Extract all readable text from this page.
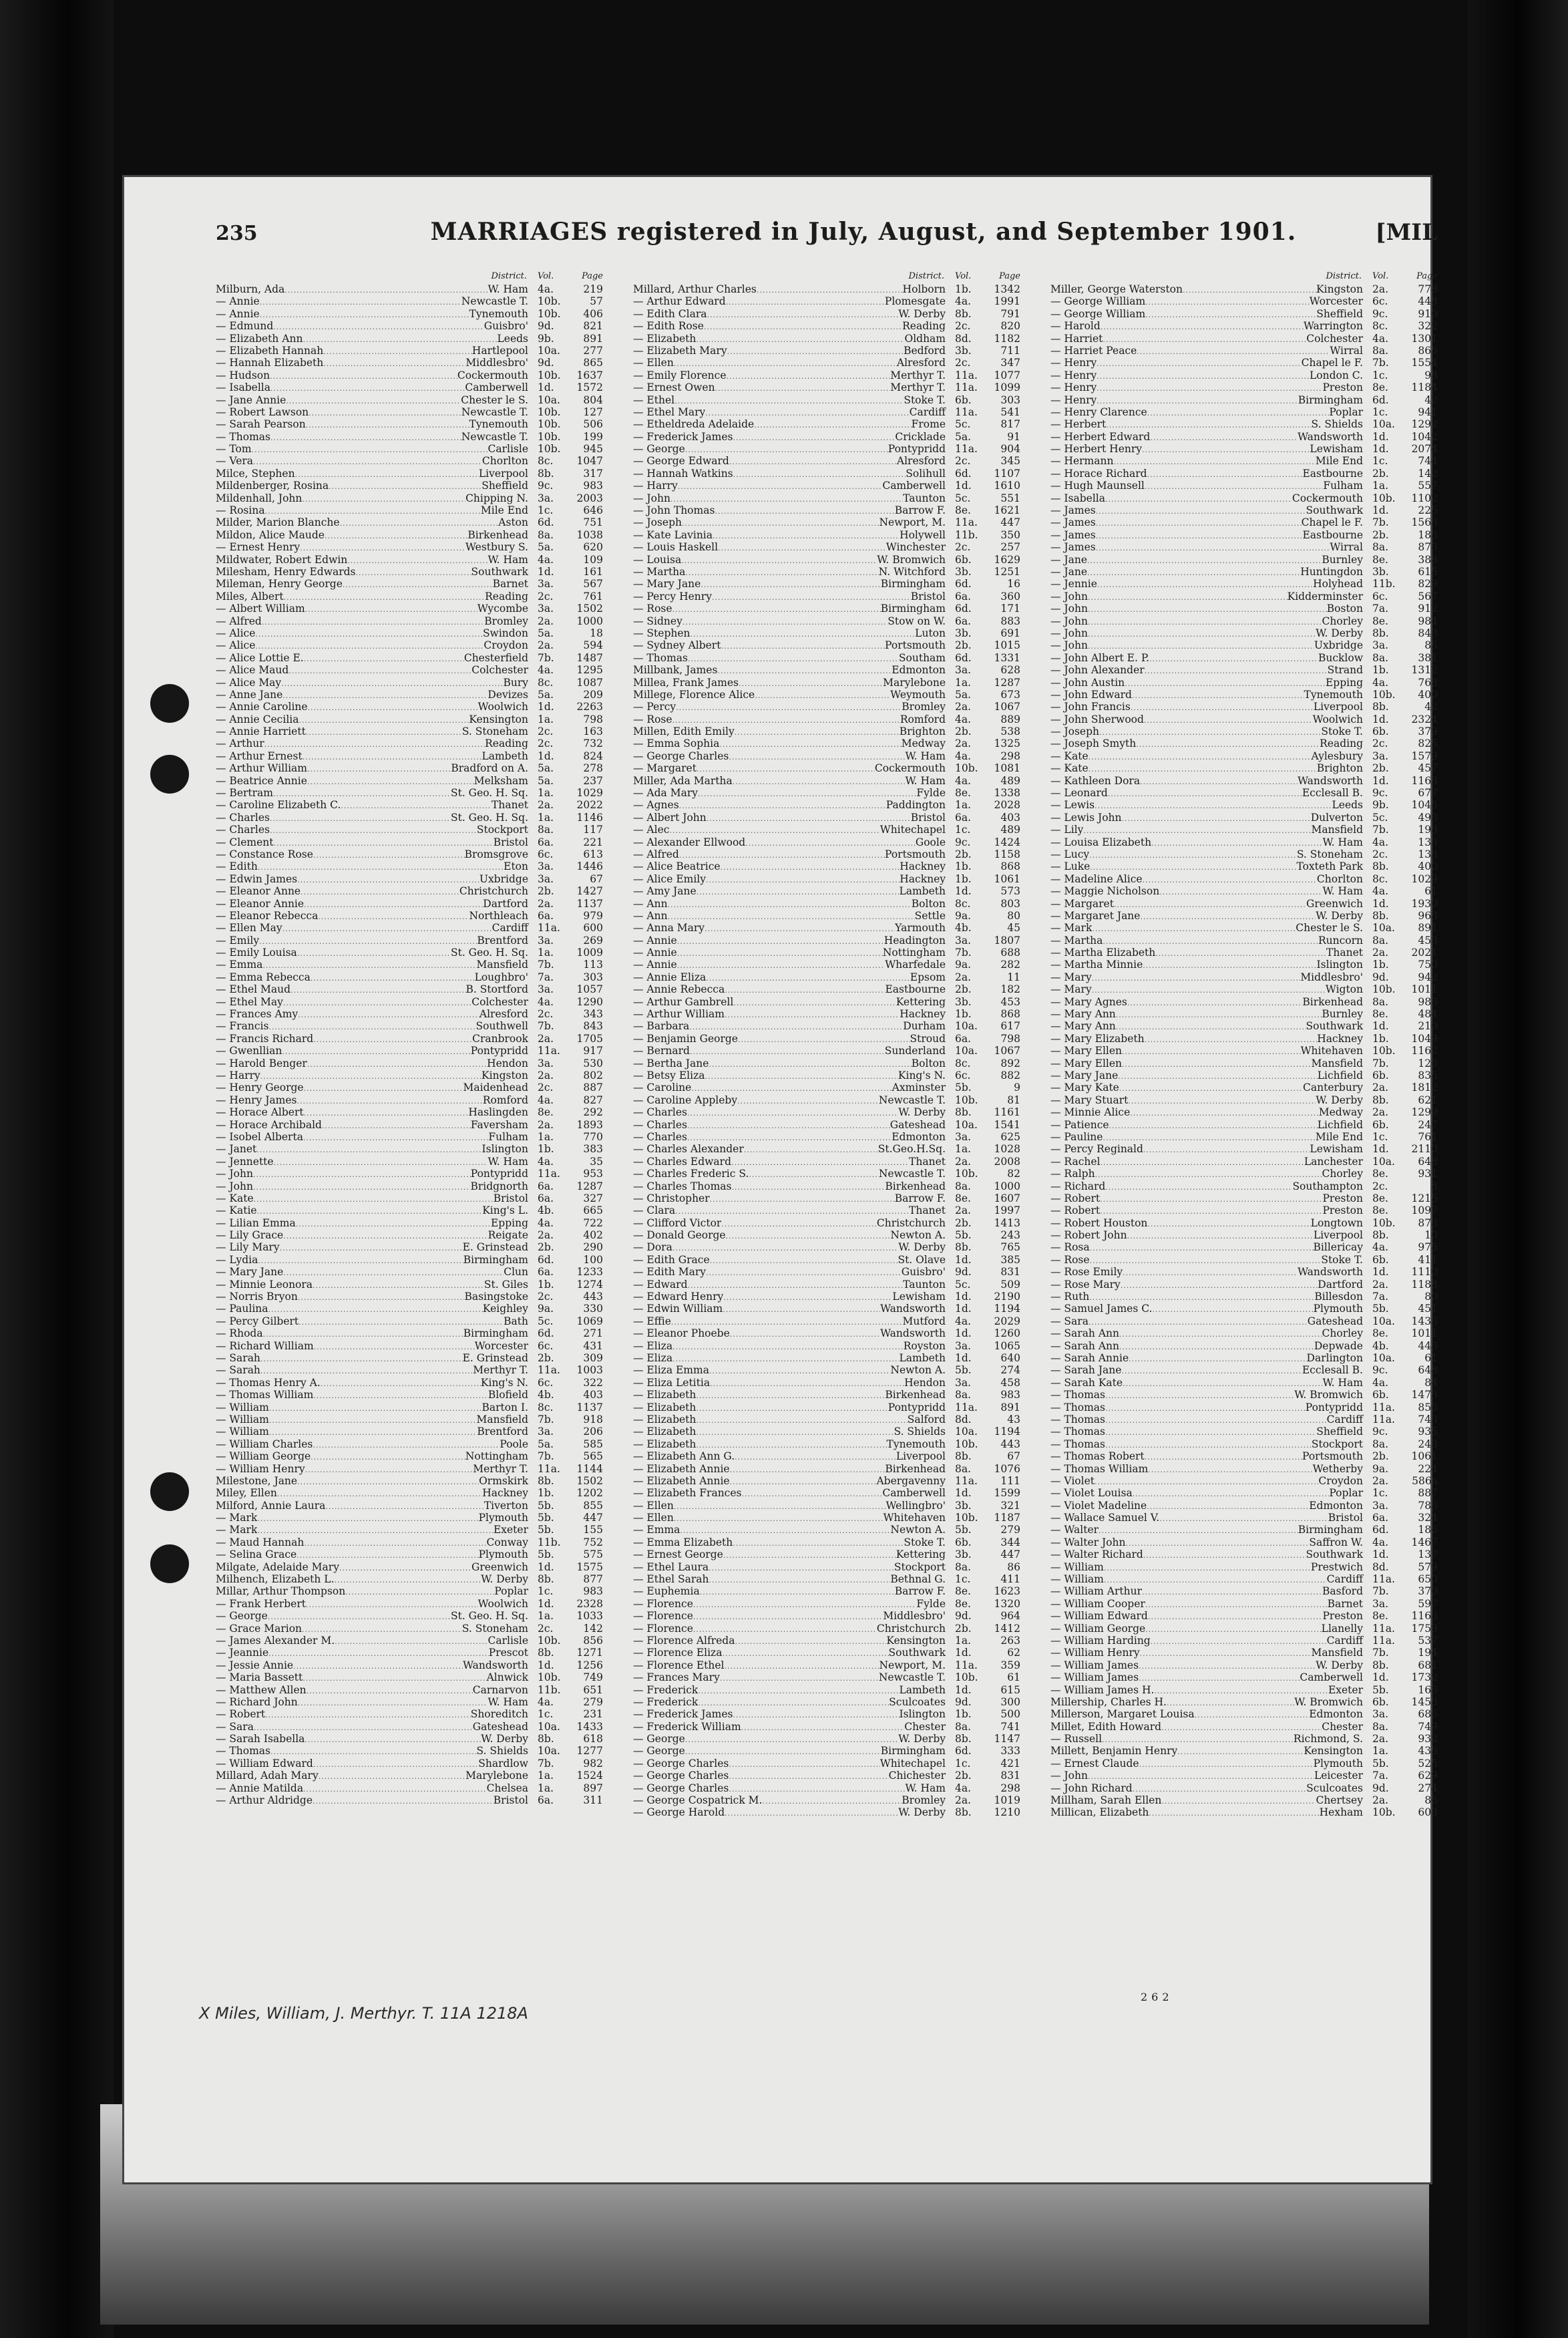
235	MARRIAGES registered in July, August, and September 1901.	[MIL
District.	Vol.	Page
Milburn, Ada .....	W. Ham 4a.	219
— Annie .....	Newcastle T. 10b.	57
— Annie .....	Tynemouth 10b.	406
— Edmund .....	Guisbro' 9d.	821
— Elizabeth Ann .....	Leeds 9b.	891
— Elizabeth Hannah .....	Hartlepool 10a.	277
— Hannah Elizabeth .....	Middlesbro' 9d.	865
— Hudson .....	Cockermouth 10b.	1637
— Isabella .....	Camberwell 1d.	1572
— Jane Annie .....	Chester le S. 10a.	804
— Robert Lawson .....	Newcastle T. 10b.	127
— Sarah Pearson .....	Tynemouth 10b.	506
— Thomas .....	Newcastle T. 10b.	199
— Tom .....	Carlisle 10b.	945
— Vera .....	Chorlton 8c.	1047
Milce, Stephen .....	Liverpool 8b.	317
Mildenberger, Rosina .....	Sheffield 9c.	983
Mildenhall, John .....	Chipping N. 3a.	2003
— Rosina .....	Mile End 1c.	646
Milder, Marion Blanche .....	Aston 6d.	751
Mildon, Alice Maude .....	Birkenhead 8a.	1038
— Ernest Henry .....	Westbury S. 5a.	620
Mildwater, Robert Edwin .....	W. Ham 4a.	109
Milesham, Henry Edwards .....	Southwark 1d.	161
Mileman, Henry George .....	Barnet 3a.	567
Miles, Albert .....	Reading 2c.	761
— Albert William .....	Wycombe 3a.	1502
— Alfred .....	Bromley 2a.	1000
— Alice .....	Swindon 5a.	18
— Alice .....	Croydon 2a.	594
— Alice Lottie E. .....	Chesterfield 7b.	1487
— Alice Maud .....	Colchester 4a.	1295
— Alice May .....	Bury 8c.	1087
— Anne Jane .....	Devizes 5a.	209
— Annie Caroline .....	Woolwich 1d.	2263
— Annie Cecilia .....	Kensington 1a.	798
— Annie Harriett .....	S. Stoneham 2c.	163
— Arthur .....	Reading 2c.	732
— Arthur Ernest .....	Lambeth 1d.	824
— Arthur William .....	Bradford on A. 5a.	278
— Beatrice Annie .....	Melksham 5a.	237
— Bertram .....	St. Geo. H. Sq. 1a.	1029
— Caroline Elizabeth C. .....	Thanet 2a.	2022
— Charles .....	St. Geo. H. Sq. 1a.	1146
— Charles .....	Stockport 8a.	117
— Clement .....	Bristol 6a.	221
— Constance Rose .....	Bromsgrove 6c.	613
— Edith .....	Eton 3a.	1446
— Edwin James .....	Uxbridge 3a.	67
— Eleanor Anne .....	Christchurch 2b.	1427
— Eleanor Annie .....	Dartford 2a.	1137
— Eleanor Rebecca .....	Northleach 6a.	979
— Ellen May .....	Cardiff 11a.	600
— Emily .....	Brentford 3a.	269
— Emily Louisa .....	St. Geo. H. Sq. 1a.	1009
— Emma .....	Mansfield 7b.	113
— Emma Rebecca .....	Loughbro' 7a.	303
— Ethel Maud .....	B. Stortford 3a.	1057
— Ethel May .....	Colchester 4a.	1290
— Frances Amy .....	Alresford 2c.	343
— Francis .....	Southwell 7b.	843
— Francis Richard .....	Cranbrook 2a.	1705
— Gwenllian .....	Pontypridd 11a.	917
— Harold Benger .....	Hendon 3a.	530
— Harry .....	Kingston 2a.	802
— Henry George .....	Maidenhead 2c.	887
— Henry James .....	Romford 4a.	827
— Horace Albert .....	Haslingden 8e.	292
— Horace Archibald .....	Faversham 2a.	1893
— Isobel Alberta .....	Fulham 1a.	770
— Janet .....	Islington 1b.	383
— Jennette .....	W. Ham 4a.	35
— John .....	Pontypridd 11a.	953
— John .....	Bridgnorth 6a.	1287
— Kate .....	Bristol 6a.	327
— Katie .....	King's L. 4b.	665
— Lilian Emma .....	Epping 4a.	722
— Lily Grace .....	Reigate 2a.	402
— Lily Mary .....	E. Grinstead 2b.	290
— Lydia .....	Birmingham 6d.	100
— Mary Jane .....	Clun 6a.	1233
— Minnie Leonora .....	St. Giles 1b.	1274
— Norris Bryon .....	Basingstoke 2c.	443
— Paulina .....	Keighley 9a.	330
— Percy Gilbert .....	Bath 5c.	1069
— Rhoda .....	Birmingham 6d.	271
— Richard William .....	Worcester 6c.	431
— Sarah .....	E. Grinstead 2b.	309
— Sarah .....	Merthyr T. 11a.	1003
— Thomas Henry A. .....	King's N. 6c.	322
— Thomas William .....	Blofield 4b.	403
— William .....	Barton I. 8c.	1137
— William .....	Mansfield 7b.	918
— William .....	Brentford 3a.	206
— William Charles .....	Poole 5a.	585
— William George .....	Nottingham 7b.	565
— William Henry .....	Merthyr T. 11a.	1144
Milestone, Jane .....	Ormskirk 8b.	1502
Miley, Ellen .....	Hackney 1b.	1202
Milford, Annie Laura .....	Tiverton 5b.	855
— Mark .....	Plymouth 5b.	447
— Mark .....	Exeter 5b.	155
— Maud Hannah .....	Conway 11b.	752
— Selina Grace .....	Plymouth 5b.	575
Milgate, Adelaide Mary .....	Greenwich 1d.	1575
Milhench, Elizabeth L. .....	W. Derby 8b.	877
Millar, Arthur Thompson .....	Poplar 1c.	983
— Frank Herbert .....	Woolwich 1d.	2328
— George .....	St. Geo. H. Sq. 1a.	1033
— Grace Marion .....	S. Stoneham 2c.	142
— James Alexander M. .....	Carlisle 10b.	856
— Jeannie .....	Prescot 8b.	1271
— Jessie Annie .....	Wandsworth 1d.	1256
— Maria Bassett .....	Alnwick 10b.	749
— Matthew Allen .....	Carnarvon 11b.	651
— Richard John .....	W. Ham 4a.	279
— Robert .....	Shoreditch 1c.	231
— Sara .....	Gateshead 10a.	1433
— Sarah Isabella .....	W. Derby 8b.	618
— Thomas .....	S. Shields 10a.	1277
— William Edward .....	Shardlow 7b.	982
Millard, Adah Mary .....	Marylebone 1a.	1524
— Annie Matilda .....	Chelsea 1a.	897
— Arthur Aldridge .....	Bristol 6a.	311
District.	Vol.	Page
Millard, Arthur Charles .....	Holborn 1b.	1342
— Arthur Edward .....	Plomesgate 4a.	1991
— Edith Clara .....	W. Derby 8b.	791
— Edith Rose .....	Reading 2c.	820
— Elizabeth .....	Oldham 8d.	1182
— Elizabeth Mary .....	Bedford 3b.	711
— Ellen .....	Alresford 2c.	347
— Emily Florence .....	Merthyr T. 11a.	1077
— Ernest Owen .....	Merthyr T. 11a.	1099
— Ethel .....	Stoke T. 6b.	303
— Ethel Mary .....	Cardiff 11a.	541
— Etheldreda Adelaide .....	Frome 5c.	817
— Frederick James .....	Cricklade 5a.	91
— George .....	Pontypridd 11a.	904
— George Edward .....	Alresford 2c.	345
— Hannah Watkins .....	Solihull 6d.	1107
— Harry .....	Camberwell 1d.	1610
— John .....	Taunton 5c.	551
— John Thomas .....	Barrow F. 8e.	1621
— Joseph .....	Newport, M. 11a.	447
— Kate Lavinia .....	Holywell 11b.	350
— Louis Haskell .....	Winchester 2c.	257
— Louisa .....	W. Bromwich 6b.	1629
— Martha .....	N. Witchford 3b.	1251
— Mary Jane .....	Birmingham 6d.	16
— Percy Henry .....	Bristol 6a.	360
— Rose .....	Birmingham 6d.	171
— Sidney .....	Stow on W. 6a.	883
— Stephen .....	Luton 3b.	691
— Sydney Albert .....	Portsmouth 2b.	1015
— Thomas .....	Southam 6d.	1331
Millbank, James .....	Edmonton 3a.	628
Millea, Frank James .....	Marylebone 1a.	1287
Millege, Florence Alice .....	Weymouth 5a.	673
— Percy .....	Bromley 2a.	1067
— Rose .....	Romford 4a.	889
Millen, Edith Emily .....	Brighton 2b.	538
— Emma Sophia .....	Medway 2a.	1325
— George Charles .....	W. Ham 4a.	298
— Margaret .....	Cockermouth 10b.	1081
Miller, Ada Martha .....	W. Ham 4a.	489
— Ada Mary .....	Fylde 8e.	1338
— Agnes .....	Paddington 1a.	2028
— Albert John .....	Bristol 6a.	403
— Alec .....	Whitechapel 1c.	489
— Alexander Ellwood .....	Goole 9c.	1424
— Alfred .....	Portsmouth 2b.	1158
— Alice Beatrice .....	Hackney 1b.	868
— Alice Emily .....	Hackney 1b.	1061
— Amy Jane .....	Lambeth 1d.	573
— Ann .....	Bolton 8c.	803
— Ann .....	Settle 9a.	80
— Anna Mary .....	Yarmouth 4b.	45
— Annie .....	Headington 3a.	1807
— Annie .....	Nottingham 7b.	688
— Annie .....	Wharfedale 9a.	282
— Annie Eliza .....	Epsom 2a.	11
— Annie Rebecca .....	Eastbourne 2b.	182
— Arthur Gambrell .....	Kettering 3b.	453
— Arthur William .....	Hackney 1b.	868
— Barbara .....	Durham 10a.	617
— Benjamin George .....	Stroud 6a.	798
— Bernard .....	Sunderland 10a.	1067
— Bertha Jane .....	Bolton 8c.	892
— Betsy Eliza .....	King's N. 6c.	882
— Caroline .....	Axminster 5b.	9
— Caroline Appleby .....	Newcastle T. 10b.	81
— Charles .....	W. Derby 8b.	1161
— Charles .....	Gateshead 10a.	1541
— Charles .....	Edmonton 3a.	625
— Charles Alexander .....	St.Geo.H.Sq. 1a.	1028
— Charles Edward .....	Thanet 2a.	2008
— Charles Frederic S. .....	Newcastle T. 10b.	82
— Charles Thomas .....	Birkenhead 8a.	1000
— Christopher .....	Barrow F. 8e.	1607
— Clara .....	Thanet 2a.	1997
— Clifford Victor .....	Christchurch 2b.	1413
— Donald George .....	Newton A. 5b.	243
— Dora .....	W. Derby 8b.	765
— Edith Grace .....	St. Olave 1d.	385
— Edith Mary .....	Guisbro' 9d.	831
— Edward .....	Taunton 5c.	509
— Edward Henry .....	Lewisham 1d.	2190
— Edwin William .....	Wandsworth 1d.	1194
— Effie .....	Mutford 4a.	2029
— Eleanor Phoebe .....	Wandsworth 1d.	1260
— Eliza .....	Royston 3a.	1065
— Eliza .....	Lambeth 1d.	640
— Eliza Emma .....	Newton A. 5b.	274
— Eliza Letitia .....	Hendon 3a.	458
— Elizabeth .....	Birkenhead 8a.	983
— Elizabeth .....	Pontypridd 11a.	891
— Elizabeth .....	Salford 8d.	43
— Elizabeth .....	S. Shields 10a.	1194
— Elizabeth .....	Tynemouth 10b.	443
— Elizabeth Ann G. .....	Liverpool 8b.	67
— Elizabeth Annie .....	Birkenhead 8a.	1076
— Elizabeth Annie .....	Abergavenny 11a.	111
— Elizabeth Frances .....	Camberwell 1d.	1599
— Ellen .....	Wellingbro' 3b.	321
— Ellen .....	Whitehaven 10b.	1187
— Emma .....	Newton A. 5b.	279
— Emma Elizabeth .....	Stoke T. 6b.	344
— Ernest George .....	Kettering 3b.	447
— Ethel Laura .....	Stockport 8a.	86
— Ethel Sarah .....	Bethnal G. 1c.	411
— Euphemia .....	Barrow F. 8e.	1623
— Florence .....	Fylde 8e.	1320
— Florence .....	Middlesbro' 9d.	964
— Florence .....	Christchurch 2b.	1412
— Florence Alfreda .....	Kensington 1a.	263
— Florence Eliza .....	Southwark 1d.	62
— Florence Ethel .....	Newport, M. 11a.	359
— Frances Mary .....	Newcastle T. 10b.	61
— Frederick .....	Lambeth 1d.	615
— Frederick .....	Sculcoates 9d.	300
— Frederick James .....	Islington 1b.	500
— Frederick William .....	Chester 8a.	741
— George .....	W. Derby 8b.	1147
— George .....	Birmingham 6d.	333
— George Charles .....	Whitechapel 1c.	421
— George Charles .....	Chichester 2b.	831
— George Charles .....	W. Ham 4a.	298
— George Cospatrick M. .....	Bromley 2a.	1019
— George Harold .....	W. Derby 8b.	1210
District.	Vol.	Page
Miller, George Waterston .....	Kingston 2a.	778
— George William .....	Worcester 6c.	448
— George William .....	Sheffield 9c.	910
— Harold .....	Warrington 8c.	322
— Harriet .....	Colchester 4a.	1301
— Harriet Peace .....	Wirral 8a.	865
— Henry .....	Chapel le F. 7b.	1554
— Henry .....	London C. 1c.	98
— Henry .....	Preston 8e.	1184
— Henry .....	Birmingham 6d.	42
— Henry Clarence .....	Poplar 1c.	941
— Herbert .....	S. Shields 10a.	1292
— Herbert Edward .....	Wandsworth 1d.	1042
— Herbert Henry .....	Lewisham 1d.	2074
— Hermann .....	Mile End 1c.	744
— Horace Richard .....	Eastbourne 2b.	142
— Hugh Maunsell .....	Fulham 1a.	557
— Isabella .....	Cockermouth 10b.	1102
— James .....	Southwark 1d.	225
— James .....	Chapel le F. 7b.	1563
— James .....	Eastbourne 2b.	183
— James .....	Wirral 8a.	873
— Jane .....	Burnley 8e.	388
— Jane .....	Huntingdon 3b.	615
— Jennie .....	Holyhead 11b.	829
— John .....	Kidderminster 6c.	567
— John .....	Boston 7a.	912
— John .....	Chorley 8e.	984
— John .....	W. Derby 8b.	843
— John .....	Uxbridge 3a.	85
— John Albert E. P. .....	Bucklow 8a.	381
— John Alexander .....	Strand 1b.	1312
— John Austin .....	Epping 4a.	768
— John Edward .....	Tynemouth 10b.	400
— John Francis .....	Liverpool 8b.	42
— John Sherwood .....	Woolwich 1d.	2324
— Joseph .....	Stoke T. 6b.	379
— Joseph Smyth .....	Reading 2c.	825
— Kate .....	Aylesbury 3a.	1579
— Kate .....	Brighton 2b.	457
— Kathleen Dora .....	Wandsworth 1d.	1163
— Leonard .....	Ecclesall B. 9c.	677
— Lewis .....	Leeds 9b.	1045
— Lewis John .....	Dulverton 5c.	493
— Lily .....	Mansfield 7b.	193
— Louisa Elizabeth .....	W. Ham 4a.	133
— Lucy .....	S. Stoneham 2c.	133
— Luke .....	Toxteth Park 8b.	400
— Madeline Alice .....	Chorlton 8c.	1029
— Maggie Nicholson .....	W. Ham 4a.	61
— Margaret .....	Greenwich 1d.	1930
— Margaret Jane .....	W. Derby 8b.	963
— Mark .....	Chester le S. 10a.	891
— Martha .....	Runcorn 8a.	453
— Martha Elizabeth .....	Thanet 2a.	2021
— Martha Minnie .....	Islington 1b.	750
— Mary .....	Middlesbro' 9d.	942
— Mary .....	Wigton 10b.	1011
— Mary Agnes .....	Birkenhead 8a.	983
— Mary Ann .....	Burnley 8e.	484
— Mary Ann .....	Southwark 1d.	210
— Mary Elizabeth .....	Hackney 1b.	1049
— Mary Ellen .....	Whitehaven 10b.	1162
— Mary Ellen .....	Mansfield 7b.	126
— Mary Jane .....	Lichfield 6b.	835
— Mary Kate .....	Canterbury 2a.	1812
— Mary Stuart .....	W. Derby 8b.	621
— Minnie Alice .....	Medway 2a.	1299
— Patience .....	Lichfield 6b.	247
— Pauline .....	Mile End 1c.	761
— Percy Reginald .....	Lewisham 1d.	2110
— Rachel .....	Lanchester 10a.	648
— Ralph .....	Chorley 8e.	931
— Richard .....	Southampton 2c.	8
— Robert .....	Preston 8e.	1215
— Robert .....	Preston 8e.	1097
— Robert Houston .....	Longtown 10b.	873
— Robert John .....	Liverpool 8b.	10
— Rosa .....	Billericay 4a.	975
— Rose .....	Stoke T. 6b.	411
— Rose Emily .....	Wandsworth 1d.	1110
— Rose Mary .....	Dartford 2a.	1188
— Ruth .....	Billesdon 7a.	80
— Samuel James C. .....	Plymouth 5b.	451
— Sara .....	Gateshead 10a.	1433
— Sarah Ann .....	Chorley 8e.	1011
— Sarah Ann .....	Depwade 4b.	443
— Sarah Annie .....	Darlington 10a.	61
— Sarah Jane .....	Ecclesall B. 9c.	648
— Sarah Kate .....	W. Ham 4a.	84
— Thomas .....	W. Bromwich 6b.	1473
— Thomas .....	Pontypridd 11a.	856
— Thomas .....	Cardiff 11a.	743
— Thomas .....	Sheffield 9c.	935
— Thomas .....	Stockport 8a.	243
— Thomas Robert .....	Portsmouth 2b.	1061
— Thomas William .....	Wetherby 9a.	224
— Violet .....	Croydon 2a.	586a
— Violet Louisa .....	Poplar 1c.	887
— Violet Madeline .....	Edmonton 3a.	783
— Wallace Samuel V. .....	Bristol 6a.	324
— Walter .....	Birmingham 6d.	186
— Walter John .....	Saffron W. 4a.	1467
— Walter Richard .....	Southwark 1d.	137
— William .....	Prestwich 8d.	579
— William .....	Cardiff 11a.	650
— William Arthur .....	Basford 7b.	370
— William Cooper .....	Barnet 3a.	597
— William Edward .....	Preston 8e.	1163
— William George .....	Llanelly 11a.	1759
— William Harding .....	Cardiff 11a.	537
— William Henry .....	Mansfield 7b.	194
— William James .....	W. Derby 8b.	681
— William James .....	Camberwell 1d.	1732
— William James H. .....	Exeter 5b.	163
Millership, Charles H. .....	W. Bromwich 6b.	1453
Millerson, Margaret Louisa .....	Edmonton 3a.	686
Millet, Edith Howard .....	Chester 8a.	749
— Russell .....	Richmond, S. 2a.	932
Millett, Benjamin Henry .....	Kensington 1a.	435
— Ernest Claude .....	Plymouth 5b.	525
— John .....	Leicester 7a.	629
— John Richard .....	Sculcoates 9d.	274
Millham, Sarah Ellen .....	Chertsey 2a.	86
Millican, Elizabeth .....	Hexham 10b.	603
262
X Miles, William, J. Merthyr. T. 11A 1218A
